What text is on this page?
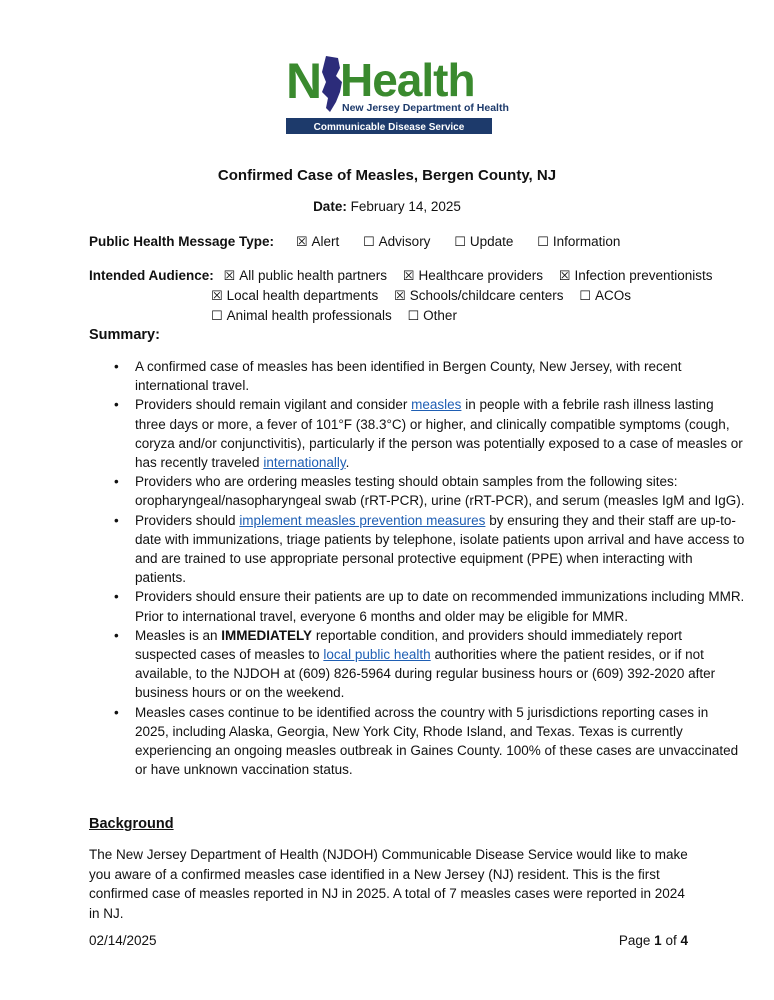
N Health
New Jersey Department of Health
Communicable Disease Service
Confirmed Case of Measles, Bergen County, NJ
Date: February 14, 2025
Public Health Message Type: ☒ Alert ☐ Advisory ☐ Update ☐ Information
Intended Audience: ☒ All public health partners ☒ Healthcare providers ☒ Infection preventionists
☒ Local health departments ☒ Schools/childcare centers ☐ ACOs
☐ Animal health professionals ☐ Other
Summary:
• A confirmed case of measles has been identified in Bergen County, New Jersey, with recent international travel.
• Providers should remain vigilant and consider measles in people with a febrile rash illness lasting three days or more, a fever of 101°F (38.3°C) or higher, and clinically compatible symptoms (cough, coryza and/or conjunctivitis), particularly if the person was potentially exposed to a case of measles or has recently traveled internationally.
• Providers who are ordering measles testing should obtain samples from the following sites: oropharyngeal/nasopharyngeal swab (rRT-PCR), urine (rRT-PCR), and serum (measles IgM and IgG).
• Providers should implement measles prevention measures by ensuring they and their staff are up-to-date with immunizations, triage patients by telephone, isolate patients upon arrival and have access to and are trained to use appropriate personal protective equipment (PPE) when interacting with patients.
• Providers should ensure their patients are up to date on recommended immunizations including MMR. Prior to international travel, everyone 6 months and older may be eligible for MMR.
• Measles is an IMMEDIATELY reportable condition, and providers should immediately report suspected cases of measles to local public health authorities where the patient resides, or if not available, to the NJDOH at (609) 826-5964 during regular business hours or (609) 392-2020 after business hours or on the weekend.
• Measles cases continue to be identified across the country with 5 jurisdictions reporting cases in 2025, including Alaska, Georgia, New York City, Rhode Island, and Texas. Texas is currently experiencing an ongoing measles outbreak in Gaines County. 100% of these cases are unvaccinated or have unknown vaccination status.
Background

The New Jersey Department of Health (NJDOH) Communicable Disease Service would like to make you aware of a confirmed measles case identified in a New Jersey (NJ) resident. This is the first confirmed case of measles reported in NJ in 2025. A total of 7 measles cases were reported in 2024 in NJ.

02/14/2025	Page 1 of 4
